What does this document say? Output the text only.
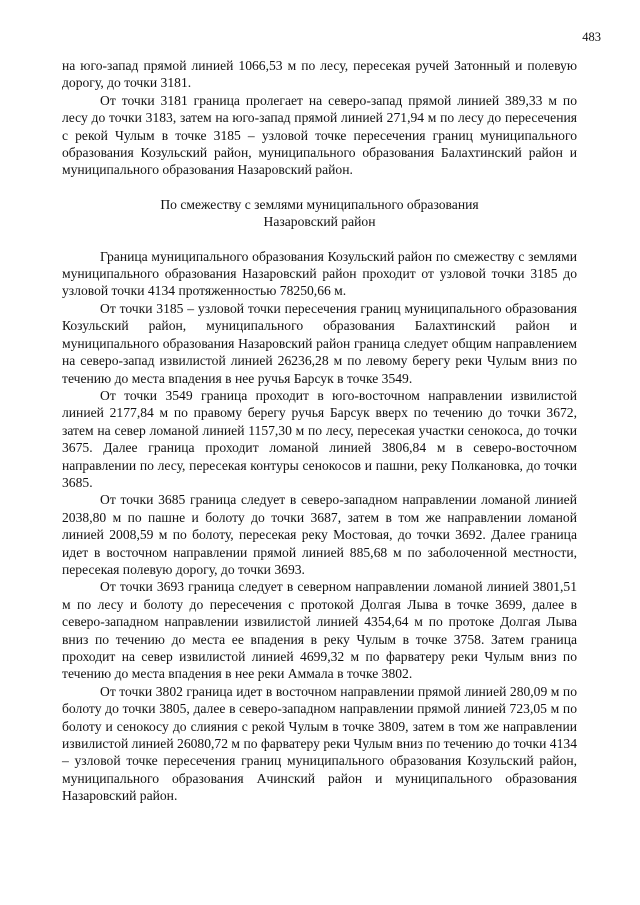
483

на юго-запад прямой линией 1066,53 м по лесу, пересекая ручей Затонный и полевую дорогу, до точки 3181.

От точки 3181 граница пролегает на северо-запад прямой линией 389,33 м по лесу до точки 3183, затем на юго-запад прямой линией 271,94 м по лесу до пересечения с рекой Чулым в точке 3185 – узловой точке пересечения границ муниципального образования Козульский район, муниципального образования Балахтинский район и муниципального образования Назаровский район.

По смежеству с землями муниципального образования
Назаровский район

Граница муниципального образования Козульский район по смежеству с землями муниципального образования Назаровский район проходит от узловой точки 3185 до узловой точки 4134 протяженностью 78250,66 м.

От точки 3185 – узловой точки пересечения границ муниципального образования Козульский район, муниципального образования Балахтинский район и муниципального образования Назаровский район граница следует общим направлением на северо-запад извилистой линией 26236,28 м по левому берегу реки Чулым вниз по течению до места впадения в нее ручья Барсук в точке 3549.

От точки 3549 граница проходит в юго-восточном направлении извилистой линией 2177,84 м по правому берегу ручья Барсук вверх по течению до точки 3672, затем на север ломаной линией 1157,30 м по лесу, пересекая участки сенокоса, до точки 3675. Далее граница проходит ломаной линией 3806,84 м в северо-восточном направлении по лесу, пересекая контуры сенокосов и пашни, реку Полкановка, до точки 3685.

От точки 3685 граница следует в северо-западном направлении ломаной линией 2038,80 м по пашне и болоту до точки 3687, затем в том же направлении ломаной линией 2008,59 м по болоту, пересекая реку Мостовая, до точки 3692. Далее граница идет в восточном направлении прямой линией 885,68 м по заболоченной местности, пересекая полевую дорогу, до точки 3693.

От точки 3693 граница следует в северном направлении ломаной линией 3801,51 м по лесу и болоту до пересечения с протокой Долгая Лыва в точке 3699, далее в северо-западном направлении извилистой линией 4354,64 м по протоке Долгая Лыва вниз по течению до места ее впадения в реку Чулым в точке 3758. Затем граница проходит на север извилистой линией 4699,32 м по фарватеру реки Чулым вниз по течению до места впадения в нее реки Аммала в точке 3802.

От точки 3802 граница идет в восточном направлении прямой линией 280,09 м по болоту до точки 3805, далее в северо-западном направлении прямой линией 723,05 м по болоту и сенокосу до слияния с рекой Чулым в точке 3809, затем в том же направлении извилистой линией 26080,72 м по фарватеру реки Чулым вниз по течению до точки 4134 – узловой точке пересечения границ муниципального образования Козульский район, муниципального образования Ачинский район и муниципального образования Назаровский район.
